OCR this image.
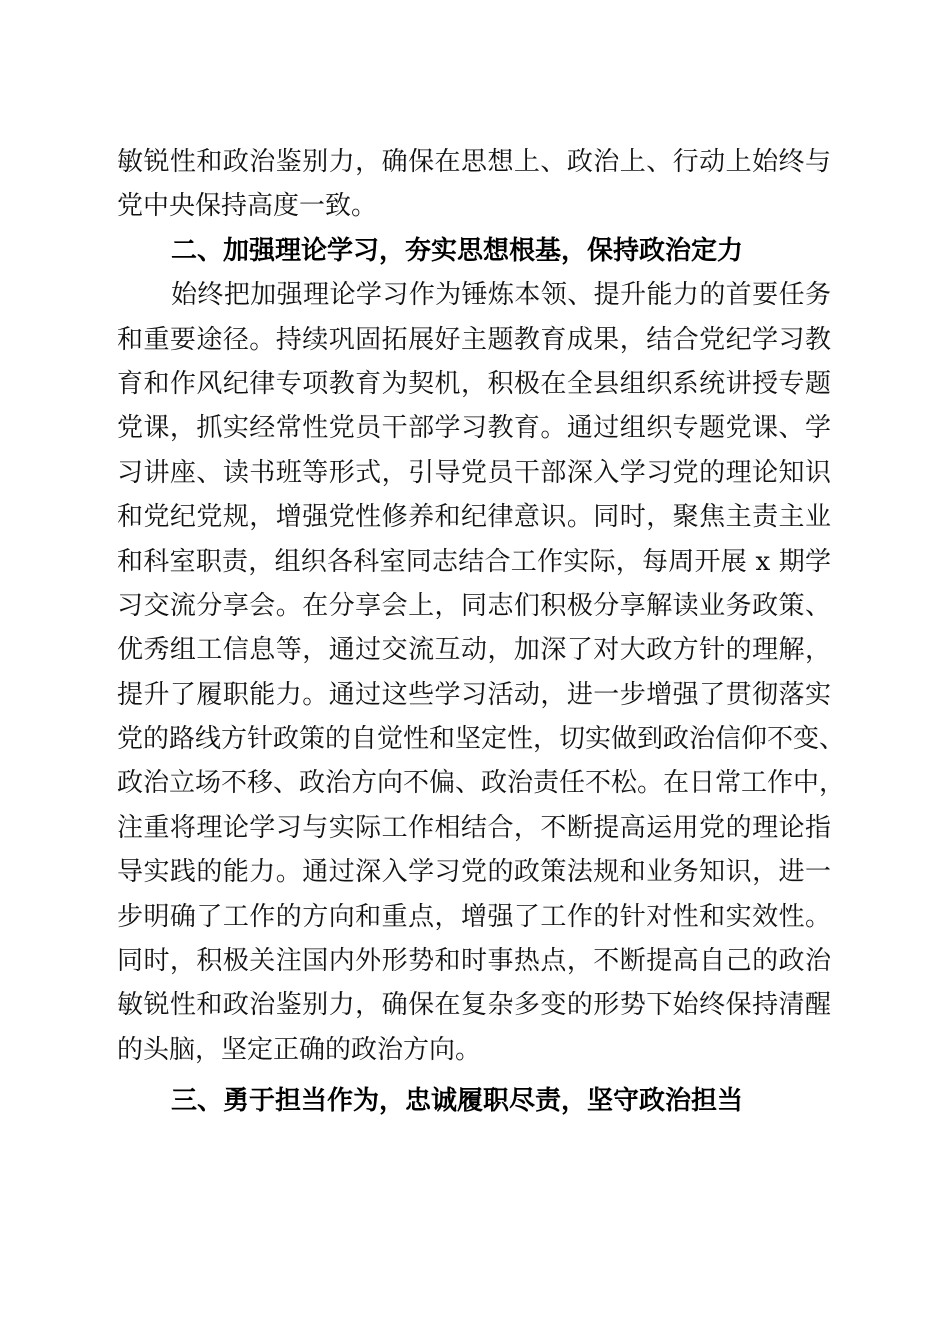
敏锐性和政治鉴别力，确保在思想上、政治上、行动上始终与
党中央保持高度一致。
二、加强理论学习，夯实思想根基，保持政治定力
始终把加强理论学习作为锤炼本领、提升能力的首要任务
和重要途径。持续巩固拓展好主题教育成果，结合党纪学习教
育和作风纪律专项教育为契机，积极在全县组织系统讲授专题
党课，抓实经常性党员干部学习教育。通过组织专题党课、学
习讲座、读书班等形式，引导党员干部深入学习党的理论知识
和党纪党规，增强党性修养和纪律意识。同时，聚焦主责主业
和科室职责，组织各科室同志结合工作实际，每周开展 x 期学
习交流分享会。在分享会上，同志们积极分享解读业务政策、
优秀组工信息等，通过交流互动，加深了对大政方针的理解，
提升了履职能力。通过这些学习活动，进一步增强了贯彻落实
党的路线方针政策的自觉性和坚定性，切实做到政治信仰不变、
政治立场不移、政治方向不偏、政治责任不松。在日常工作中，
注重将理论学习与实际工作相结合，不断提高运用党的理论指
导实践的能力。通过深入学习党的政策法规和业务知识，进一
步明确了工作的方向和重点，增强了工作的针对性和实效性。
同时，积极关注国内外形势和时事热点，不断提高自己的政治
敏锐性和政治鉴别力，确保在复杂多变的形势下始终保持清醒
的头脑，坚定正确的政治方向。
三、勇于担当作为，忠诚履职尽责，坚守政治担当
